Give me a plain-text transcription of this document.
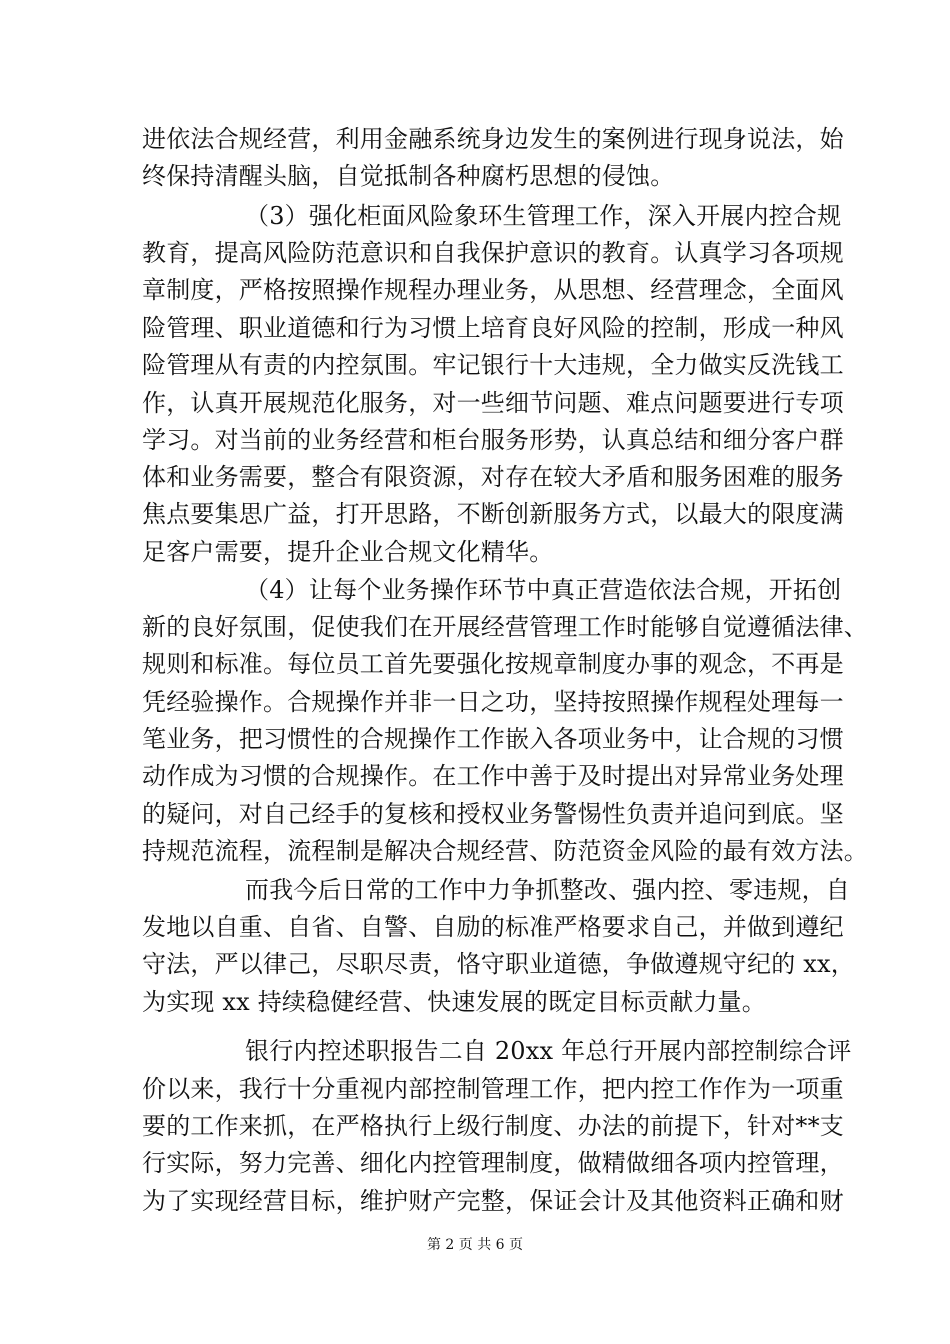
进依法合规经营，利用金融系统身边发生的案例进行现身说法，始
终保持清醒头脑，自觉抵制各种腐朽思想的侵蚀。
（3）强化柜面风险象环生管理工作，深入开展内控合规
教育，提高风险防范意识和自我保护意识的教育。认真学习各项规
章制度，严格按照操作规程办理业务，从思想、经营理念，全面风
险管理、职业道德和行为习惯上培育良好风险的控制，形成一种风
险管理从有责的内控氛围。牢记银行十大违规，全力做实反洗钱工
作，认真开展规范化服务，对一些细节问题、难点问题要进行专项
学习。对当前的业务经营和柜台服务形势，认真总结和细分客户群
体和业务需要，整合有限资源，对存在较大矛盾和服务困难的服务
焦点要集思广益，打开思路，不断创新服务方式，以最大的限度满
足客户需要，提升企业合规文化精华。
（4）让每个业务操作环节中真正营造依法合规，开拓创
新的良好氛围，促使我们在开展经营管理工作时能够自觉遵循法律、
规则和标准。每位员工首先要强化按规章制度办事的观念，不再是
凭经验操作。合规操作并非一日之功，坚持按照操作规程处理每一
笔业务，把习惯性的合规操作工作嵌入各项业务中，让合规的习惯
动作成为习惯的合规操作。在工作中善于及时提出对异常业务处理
的疑问，对自己经手的复核和授权业务警惕性负责并追问到底。坚
持规范流程，流程制是解决合规经营、防范资金风险的最有效方法。
而我今后日常的工作中力争抓整改、强内控、零违规，自
发地以自重、自省、自警、自励的标准严格要求自己，并做到遵纪
守法，严以律己，尽职尽责，恪守职业道德，争做遵规守纪的 xx，
为实现 xx 持续稳健经营、快速发展的既定目标贡献力量。
银行内控述职报告二自 20xx 年总行开展内部控制综合评
价以来，我行十分重视内部控制管理工作，把内控工作作为一项重
要的工作来抓，在严格执行上级行制度、办法的前提下，针对**支
行实际，努力完善、细化内控管理制度，做精做细各项内控管理，
为了实现经营目标，维护财产完整，保证会计及其他资料正确和财
第 2 页 共 6 页
